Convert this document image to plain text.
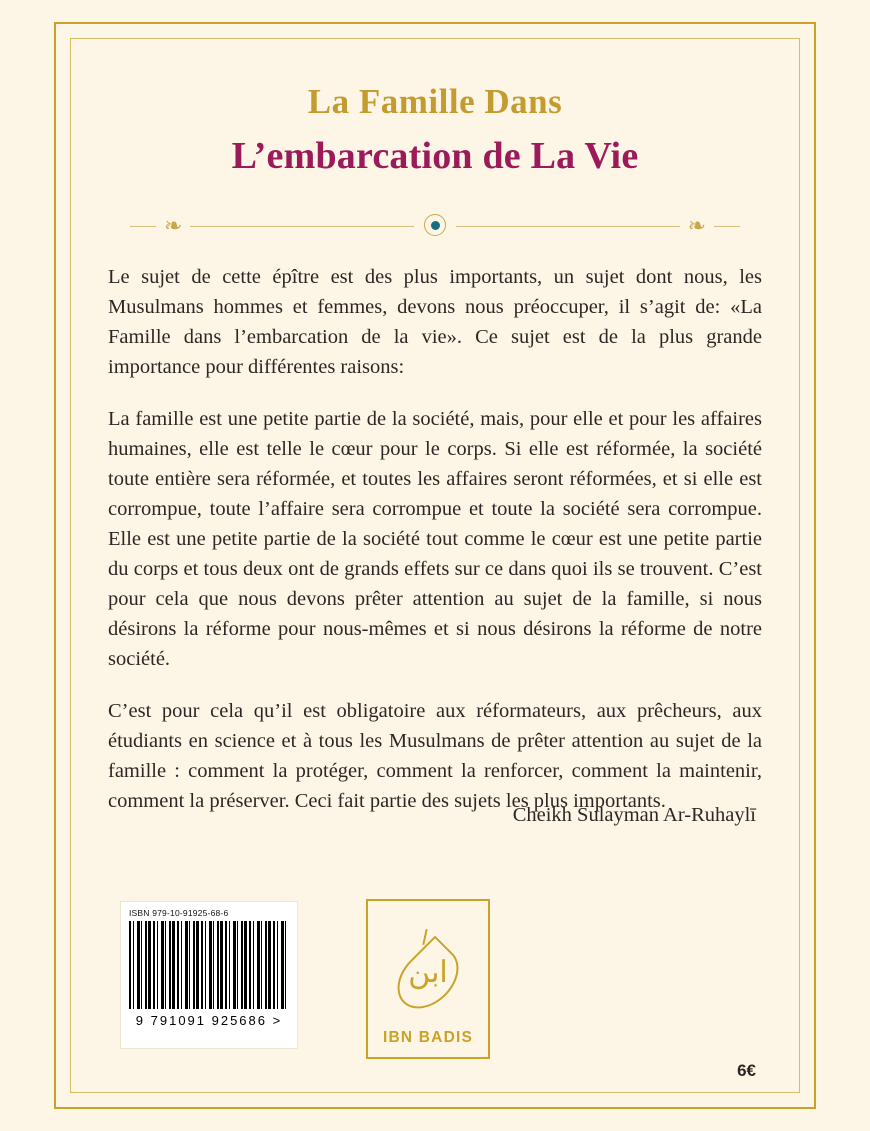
La Famille Dans
L’embarcation de La Vie
❧	❧

Le sujet de cette épître est des plus importants, un sujet dont nous, les Musulmans hommes et femmes, devons nous préoccuper, il s’agit de: «La Famille dans l’embarcation de la vie». Ce sujet est de la plus grande importance pour différentes raisons:

La famille est une petite partie de la société, mais, pour elle et pour les affaires humaines, elle est telle le cœur pour le corps. Si elle est réformée, la société toute entière sera réformée, et toutes les affaires seront réformées, et si elle est corrompue, toute l’affaire sera corrompue et toute la société sera corrompue. Elle est une petite partie de la société tout comme le cœur est une petite partie du corps et tous deux ont de grands effets sur ce dans quoi ils se trouvent. C’est pour cela que nous devons prêter attention au sujet de la famille, si nous désirons la réforme pour nous-mêmes et si nous désirons la réforme de notre société.

C’est pour cela qu’il est obligatoire aux réformateurs, aux prêcheurs, aux étudiants en science et à tous les Musulmans de prêter attention au sujet de la famille : comment la protéger, comment la renforcer, comment la maintenir, comment la préserver. Ceci fait partie des sujets les plus importants.

Cheikh Sulayman Ar-Ruhaylī
ISBN 979-10-91925-68-6
9 791091 925686 >
ابن
IBN BADIS
6€
